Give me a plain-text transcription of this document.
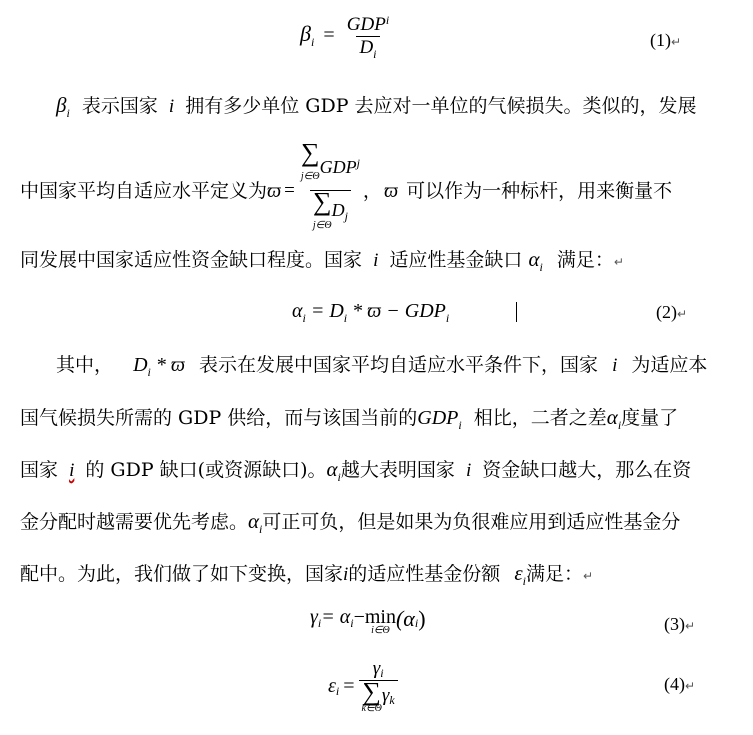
$\beta_i = \frac{GDP^i}{D_i}$	(1)↵
$\beta_i$ 表示国家 i 拥有多少单位 GDP 去应对一单位的气候损失。类似的，发展
中国家平均自适应水平定义为 ϖ = ∑
j∈Θ GDP j
∑
j∈Θ
D j ， ϖ 可以作为一种标杆，用来衡量不
同发展中国家适应性资金缺口程度。国家 i 适应性基金缺口 $\alpha_i$ 满足：↵
$\alpha_i = D_i * ϖ - GDP_i$	(2)↵
其中， $D_i$ * ϖ 表示在发展中国家平均自适应水平条件下，国家 i 为适应本
国气候损失所需的 GDP 供给，而与该国当前的$GDP_i$ 相比，二者之差$\alpha_i$度量了
国家 i 的 GDP 缺口(或资源缺口)。$\alpha_i$越大表明国家 i 资金缺口越大，那么在资
金分配时越需要优先考虑。$\alpha_i$可正可负，但是如果为负很难应用到适应性基金分
配中。为此，我们做了如下变换，国家i的适应性基金份额 $\varepsilon_i$满足：↵
γ i = α i − min
i∈Θ (α i )	(3)↵
ε i = γi
∑
k∈Θ
γ k	(4)↵
